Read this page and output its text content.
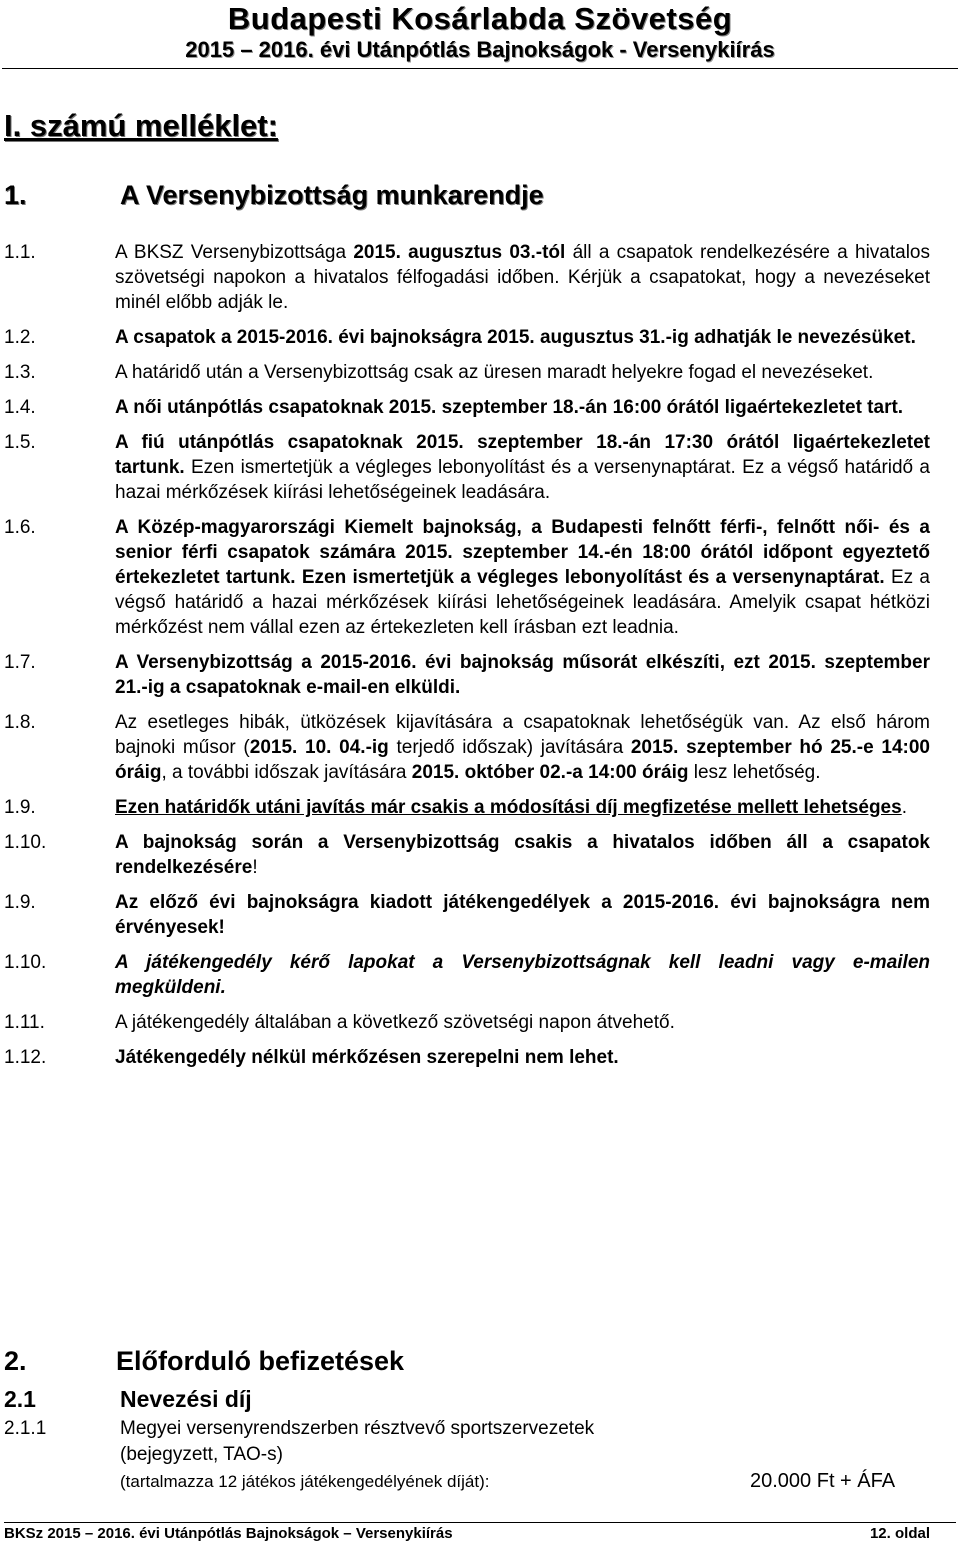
Budapesti Kosárlabda Szövetség
2015 – 2016. évi Utánpótlás Bajnokságok - Versenykiírás
I. számú melléklet:
1.	A Versenybizottság munkarendje
1.1.	A BKSZ Versenybizottsága 2015. augusztus 03.-tól áll a csapatok rendelkezésére a hivatalos szövetségi napokon a hivatalos félfogadási időben. Kérjük a csapatokat, hogy a nevezéseket minél előbb adják le.
1.2.	A csapatok a 2015-2016. évi bajnokságra 2015. augusztus 31.-ig adhatják le nevezésüket.
1.3.	A határidő után a Versenybizottság csak az üresen maradt helyekre fogad el nevezéseket.
1.4.	A női utánpótlás csapatoknak 2015. szeptember 18.-án 16:00 órától ligaértekezletet tart.
1.5.	A fiú utánpótlás csapatoknak 2015. szeptember 18.-án 17:30 órától ligaértekezletet tartunk. Ezen ismertetjük a végleges lebonyolítást és a versenynaptárat. Ez a végső határidő a hazai mérkőzések kiírási lehetőségeinek leadására.
1.6.	A Közép-magyarországi Kiemelt bajnokság, a Budapesti felnőtt férfi-, felnőtt női- és a senior férfi csapatok számára 2015. szeptember 14.-én 18:00 órától időpont egyeztető értekezletet tartunk. Ezen ismertetjük a végleges lebonyolítást és a versenynaptárat. Ez a végső határidő a hazai mérkőzések kiírási lehetőségeinek leadására. Amelyik csapat hétközi mérkőzést nem vállal ezen az értekezleten kell írásban ezt leadnia.
1.7.	A Versenybizottság a 2015-2016. évi bajnokság műsorát elkészíti, ezt 2015. szeptember 21.-ig a csapatoknak e-mail-en elküldi.
1.8.	Az esetleges hibák, ütközések kijavítására a csapatoknak lehetőségük van. Az első három bajnoki műsor (2015. 10. 04.-ig terjedő időszak) javítására 2015. szeptember hó 25.-e 14:00 óráig, a további időszak javítására 2015. október 02.-a 14:00 óráig lesz lehetőség.
1.9.	Ezen határidők utáni javítás már csakis a módosítási díj megfizetése mellett lehetséges.
1.10.	A bajnokság során a Versenybizottság csakis a hivatalos időben áll a csapatok rendelkezésére!
1.9.	Az előző évi bajnokságra kiadott játékengedélyek a 2015-2016. évi bajnokságra nem érvényesek!
1.10.	A játékengedély kérő lapokat a Versenybizottságnak kell leadni vagy e-mailen megküldeni.
1.11.	A játékengedély általában a következő szövetségi napon átvehető.
1.12.	Játékengedély nélkül mérkőzésen szerepelni nem lehet.
2.	Előforduló befizetések
2.1	Nevezési díj
2.1.1	Megyei versenyrendszerben résztvevő sportszervezetek
(bejegyzett, TAO-s)
(tartalmazza 12 játékos játékengedélyének díját):	20.000 Ft + ÁFA
BKSz 2015 – 2016. évi Utánpótlás Bajnokságok – Versenykiírás	12. oldal
